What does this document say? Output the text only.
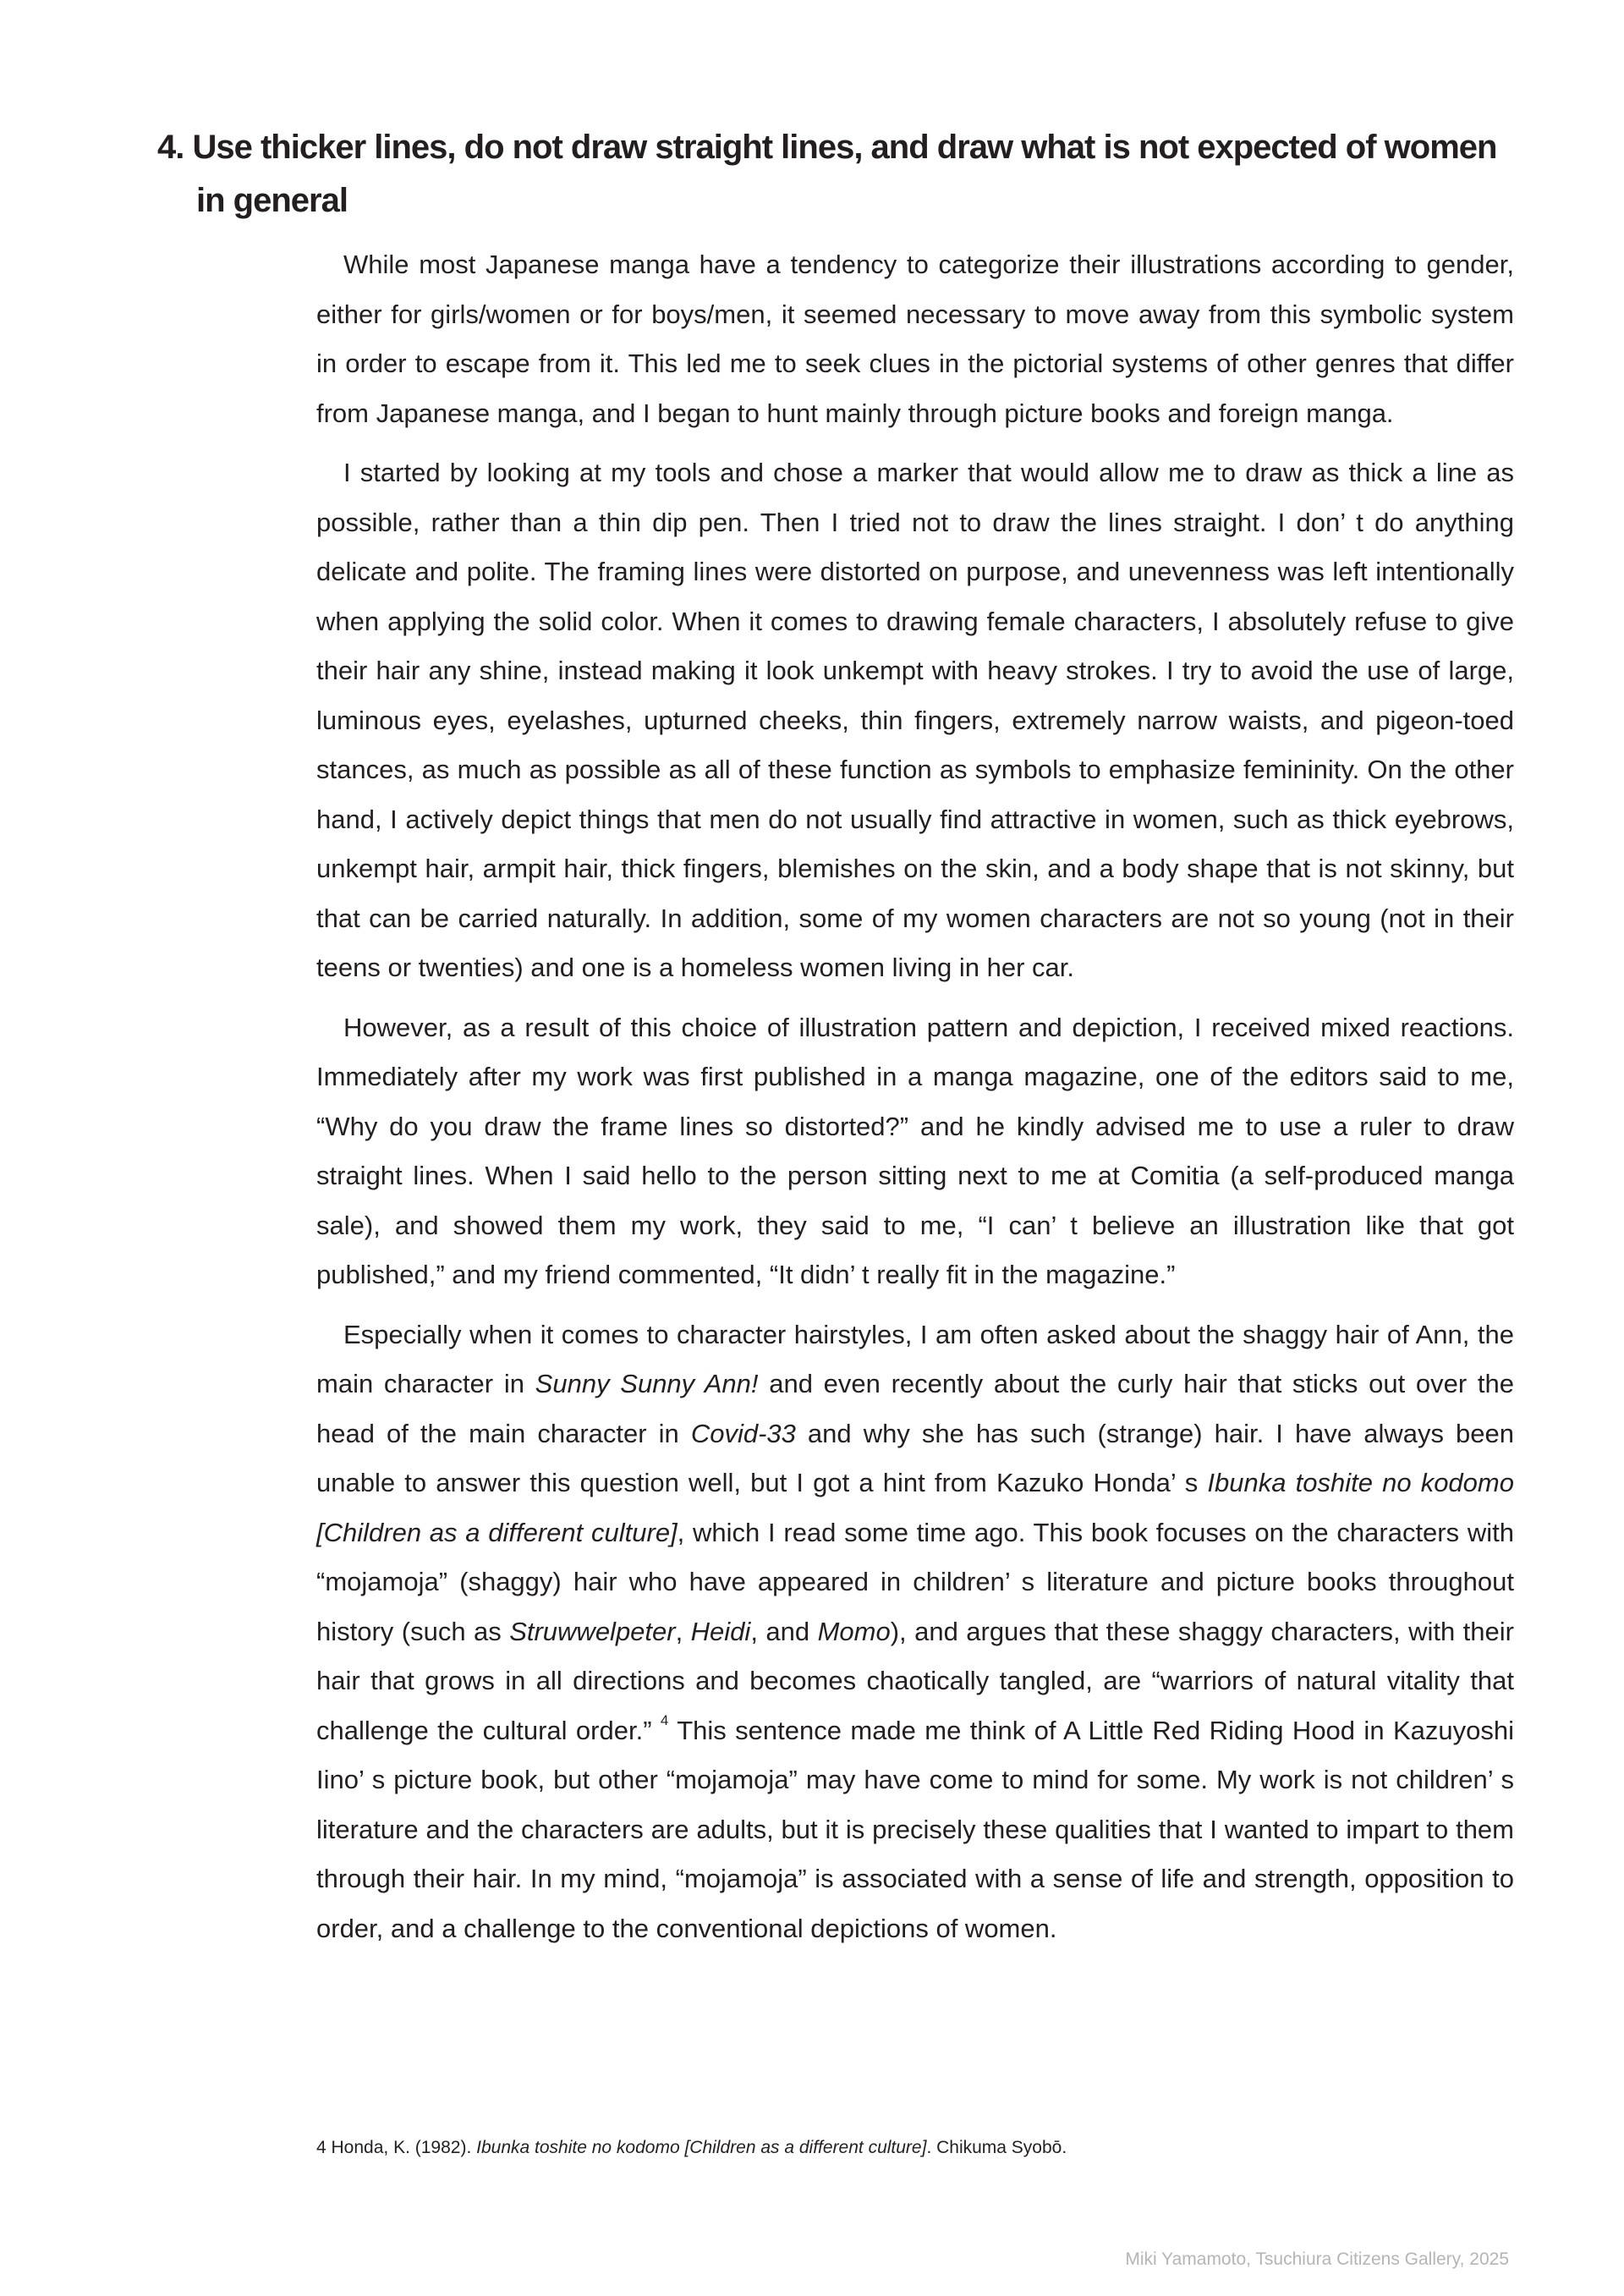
4. Use thicker lines, do not draw straight lines, and draw what is not expected of women in general

While most Japanese manga have a tendency to categorize their illustrations according to gender, either for girls/women or for boys/men, it seemed necessary to move away from this symbolic system in order to escape from it. This led me to seek clues in the pictorial systems of other genres that differ from Japanese manga, and I began to hunt mainly through picture books and foreign manga.

I started by looking at my tools and chose a marker that would allow me to draw as thick a line as possible, rather than a thin dip pen. Then I tried not to draw the lines straight. I don’ t do anything delicate and polite. The framing lines were distorted on purpose, and unevenness was left intentionally when applying the solid color. When it comes to drawing female characters, I absolutely refuse to give their hair any shine, instead making it look unkempt with heavy strokes. I try to avoid the use of large, luminous eyes, eyelashes, upturned cheeks, thin fingers, extremely narrow waists, and pigeon-toed stances, as much as possible as all of these function as symbols to emphasize femininity. On the other hand, I actively depict things that men do not usually find attractive in women, such as thick eyebrows, unkempt hair, armpit hair, thick fingers, blemishes on the skin, and a body shape that is not skinny, but that can be carried naturally. In addition, some of my women characters are not so young (not in their teens or twenties) and one is a homeless women living in her car.

However, as a result of this choice of illustration pattern and depiction, I received mixed reactions. Immediately after my work was first published in a manga magazine, one of the editors said to me, “Why do you draw the frame lines so distorted?” and he kindly advised me to use a ruler to draw straight lines. When I said hello to the person sitting next to me at Comitia (a self-produced manga sale), and showed them my work, they said to me, “I can’ t believe an illustration like that got published,” and my friend commented, “It didn’ t really fit in the magazine.”

Especially when it comes to character hairstyles, I am often asked about the shaggy hair of Ann, the main character in Sunny Sunny Ann! and even recently about the curly hair that sticks out over the head of the main character in Covid-33 and why she has such (strange) hair. I have always been unable to answer this question well, but I got a hint from Kazuko Honda’ s Ibunka toshite no kodomo [Children as a different culture], which I read some time ago. This book focuses on the characters with “mojamoja” (shaggy) hair who have appeared in children’ s literature and picture books throughout history (such as Struwwelpeter, Heidi, and Momo), and argues that these shaggy characters, with their hair that grows in all directions and becomes chaotically tangled, are “warriors of natural vitality that challenge the cultural order.” $^4$ This sentence made me think of A Little Red Riding Hood in Kazuyoshi Iino’ s picture book, but other “mojamoja” may have come to mind for some. My work is not children’ s literature and the characters are adults, but it is precisely these qualities that I wanted to impart to them through their hair. In my mind, “mojamoja” is associated with a sense of life and strength, opposition to order, and a challenge to the conventional depictions of women.

4 Honda, K. (1982). Ibunka toshite no kodomo [Children as a different culture]. Chikuma Syobō.

Miki Yamamoto, Tsuchiura Citizens Gallery, 2025
